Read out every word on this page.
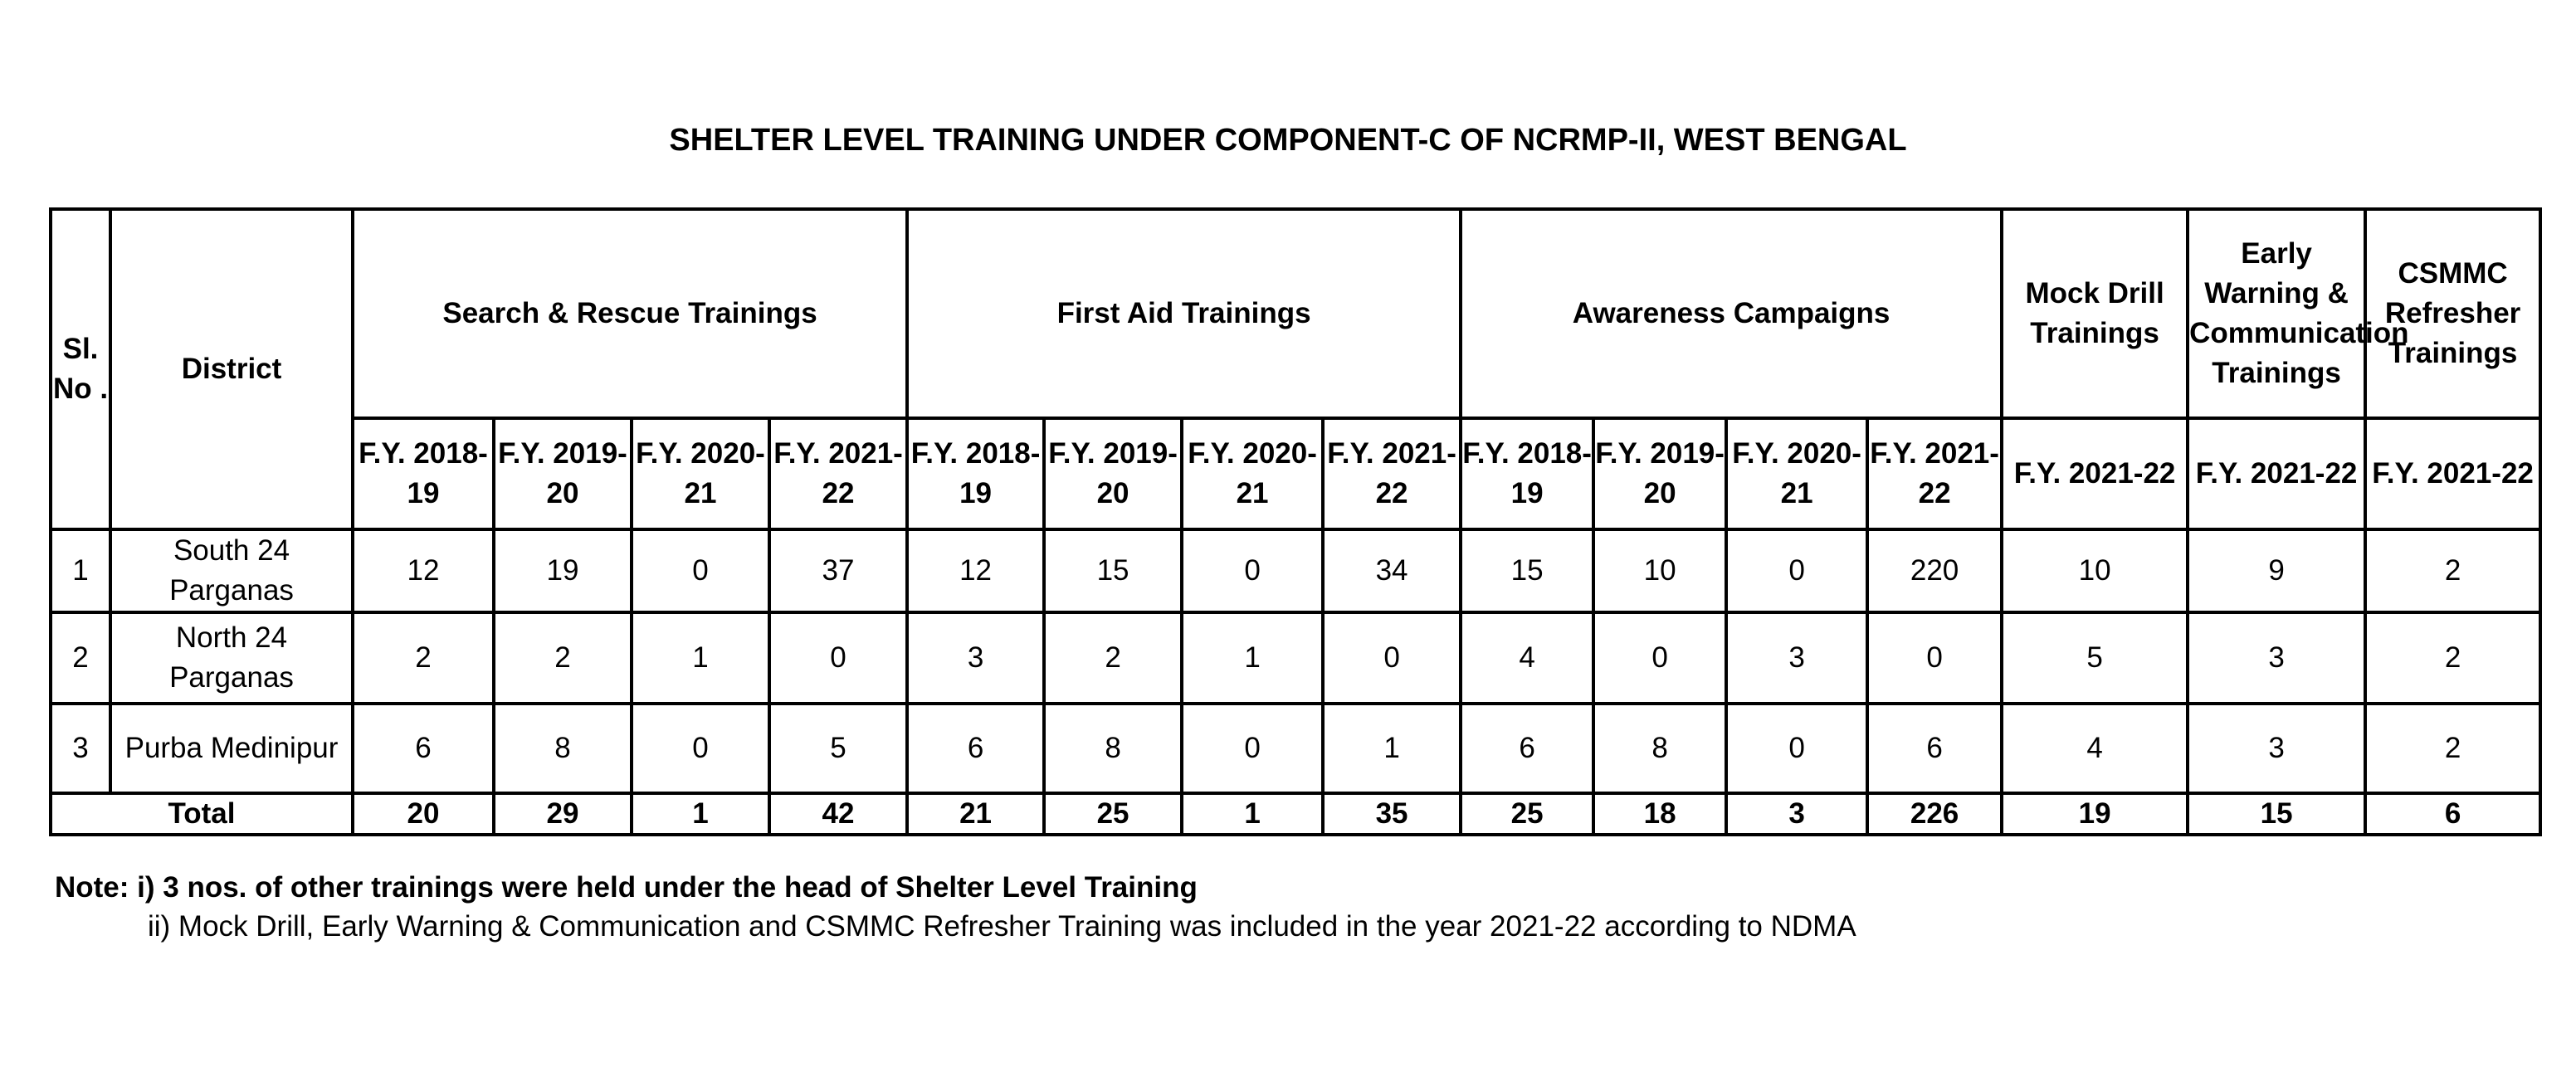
SHELTER LEVEL TRAINING UNDER COMPONENT-C OF NCRMP-II, WEST BENGAL
Sl. No .	District	Search & Rescue Trainings				First Aid Trainings				Awareness Campaigns				Mock Drill Trainings	Early Warning & Communication Trainings	CSMMC Refresher Trainings
		F.Y. 2018-19	F.Y. 2019-20	F.Y. 2020-21	F.Y. 2021-22	F.Y. 2018-19	F.Y. 2019-20	F.Y. 2020-21	F.Y. 2021-22	F.Y. 2018-19	F.Y. 2019-20	F.Y. 2020-21	F.Y. 2021-22	F.Y. 2021-22	F.Y. 2021-22	F.Y. 2021-22
1	South 24 Parganas	12	19	0	37	12	15	0	34	15	10	0	220	10	9	2
2	North 24 Parganas	2	2	1	0	3	2	1	0	4	0	3	0	5	3	2
3	Purba Medinipur	6	8	0	5	6	8	0	1	6	8	0	6	4	3	2
Total		20	29	1	42	21	25	1	35	25	18	3	226	19	15	6
Note: i) 3 nos. of other trainings were held under the head of Shelter Level Training
ii) Mock Drill, Early Warning & Communication and CSMMC Refresher Training was included in the year 2021-22 according to NDMA
